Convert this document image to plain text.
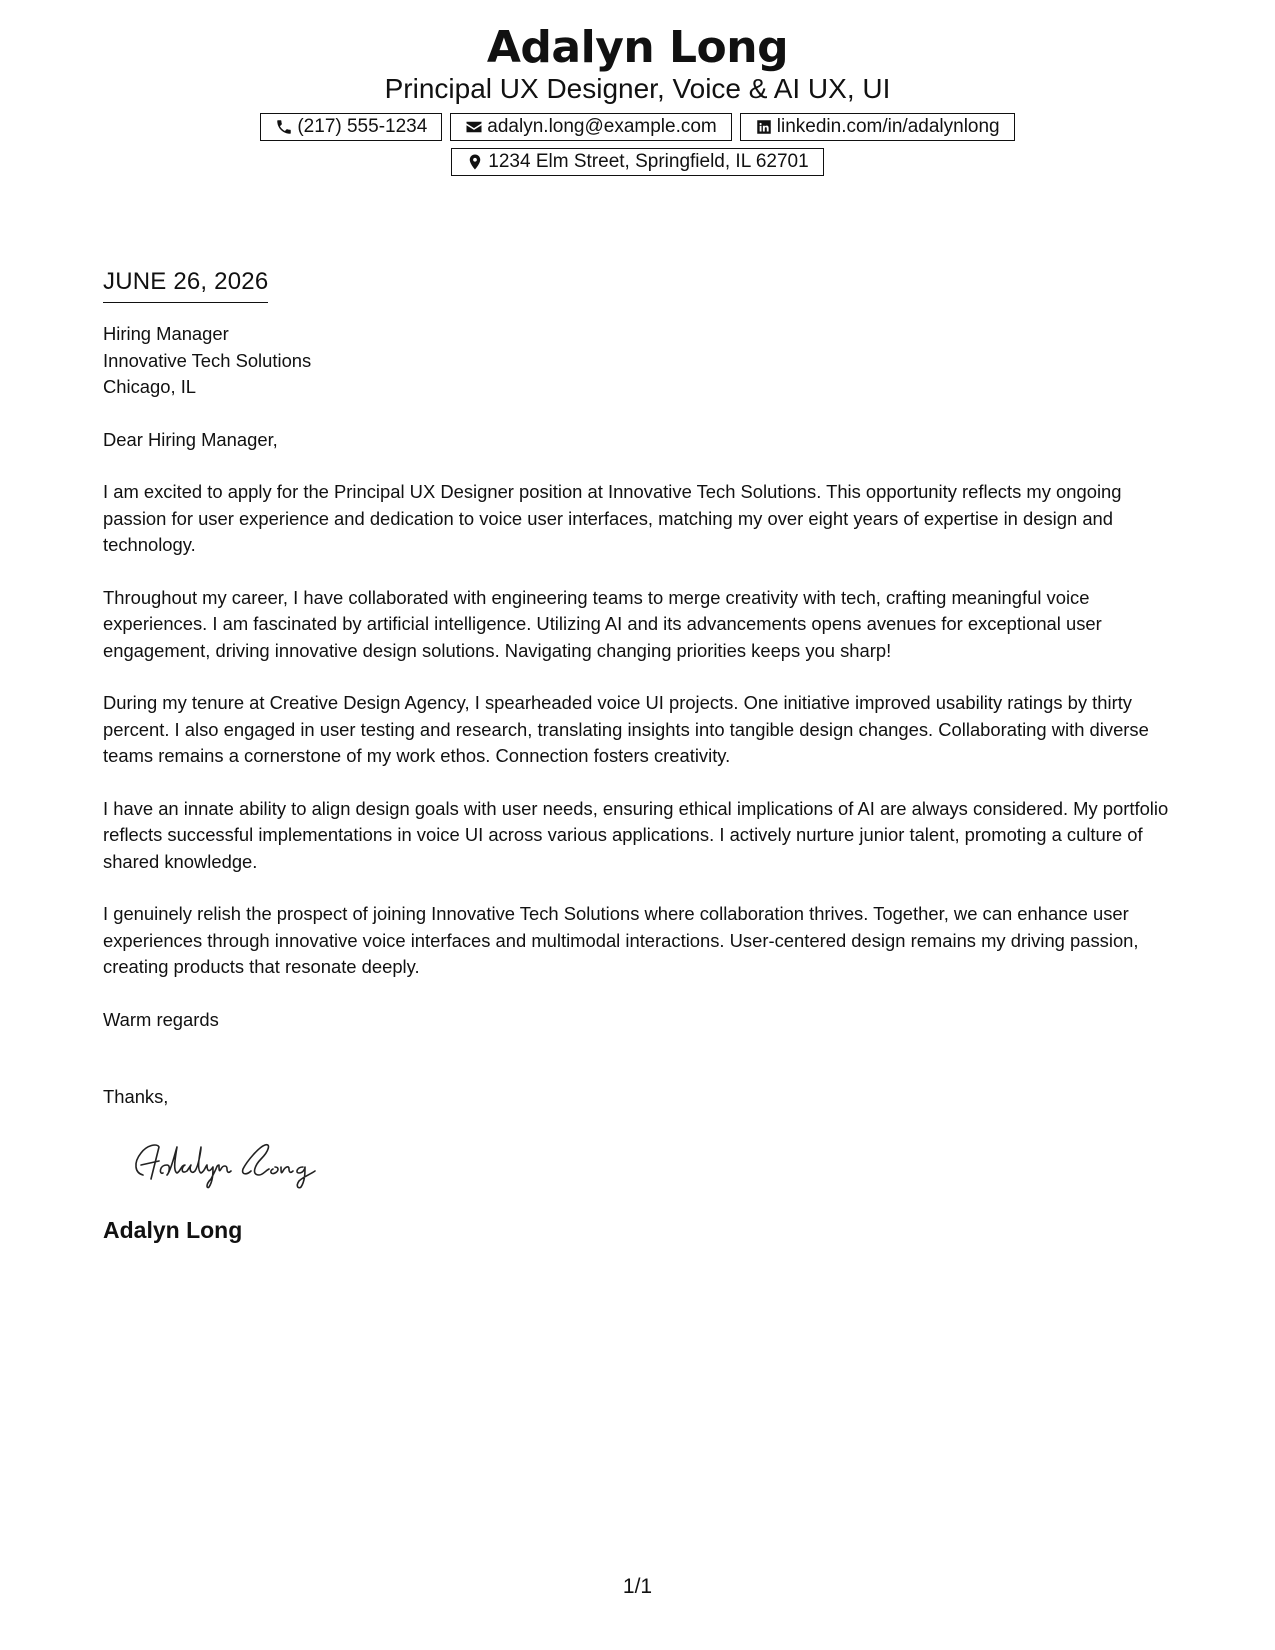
Adalyn Long
Principal UX Designer, Voice & AI UX, UI
(217) 555-1234	adalyn.long@example.com	linkedin.com/in/adalynlong
1234 Elm Street, Springfield, IL 62701
JUNE 26, 2026
Hiring Manager
Innovative Tech Solutions
Chicago, IL
Dear Hiring Manager,

I am excited to apply for the Principal UX Designer position at Innovative Tech Solutions. This opportunity reflects my ongoing passion for user experience and dedication to voice user interfaces, matching my over eight years of expertise in design and technology.

Throughout my career, I have collaborated with engineering teams to merge creativity with tech, crafting meaningful voice experiences. I am fascinated by artificial intelligence. Utilizing AI and its advancements opens avenues for exceptional user engagement, driving innovative design solutions. Navigating changing priorities keeps you sharp!

During my tenure at Creative Design Agency, I spearheaded voice UI projects. One initiative improved usability ratings by thirty percent. I also engaged in user testing and research, translating insights into tangible design changes. Collaborating with diverse teams remains a cornerstone of my work ethos. Connection fosters creativity.

I have an innate ability to align design goals with user needs, ensuring ethical implications of AI are always considered. My portfolio reflects successful implementations in voice UI across various applications. I actively nurture junior talent, promoting a culture of shared knowledge.

I genuinely relish the prospect of joining Innovative Tech Solutions where collaboration thrives. Together, we can enhance user experiences through innovative voice interfaces and multimodal interactions. User-centered design remains my driving passion, creating products that resonate deeply.

Warm regards
Thanks,
Adalyn Long
1/1
